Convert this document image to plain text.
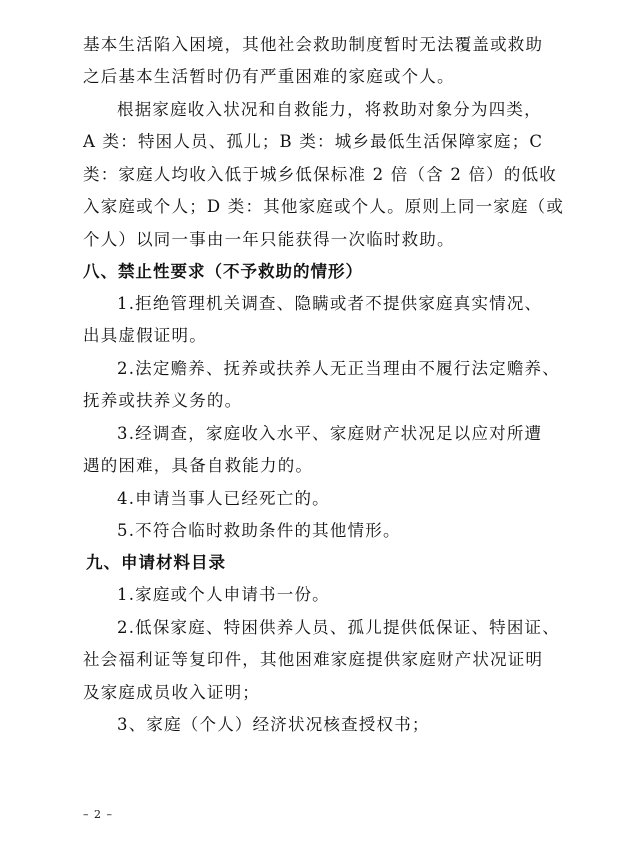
基本生活陷入困境，其他社会救助制度暂时无法覆盖或救助
之后基本生活暂时仍有严重困难的家庭或个人。
根据家庭收入状况和自救能力，将救助对象分为四类，
A 类：特困人员、孤儿；B 类：城乡最低生活保障家庭；C
类：家庭人均收入低于城乡低保标准 2 倍（含 2 倍）的低收
入家庭或个人；D 类：其他家庭或个人。原则上同一家庭（或
个人）以同一事由一年只能获得一次临时救助。
八、禁止性要求（不予救助的情形）
1.拒绝管理机关调查、隐瞒或者不提供家庭真实情况、
出具虚假证明。
2.法定赡养、抚养或扶养人无正当理由不履行法定赡养、
抚养或扶养义务的。
3.经调查，家庭收入水平、家庭财产状况足以应对所遭
遇的困难，具备自救能力的。
4.申请当事人已经死亡的。
5.不符合临时救助条件的其他情形。
九、申请材料目录
1.家庭或个人申请书一份。
2.低保家庭、特困供养人员、孤儿提供低保证、特困证、
社会福利证等复印件，其他困难家庭提供家庭财产状况证明
及家庭成员收入证明；
3、家庭（个人）经济状况核查授权书；
– 2 –
